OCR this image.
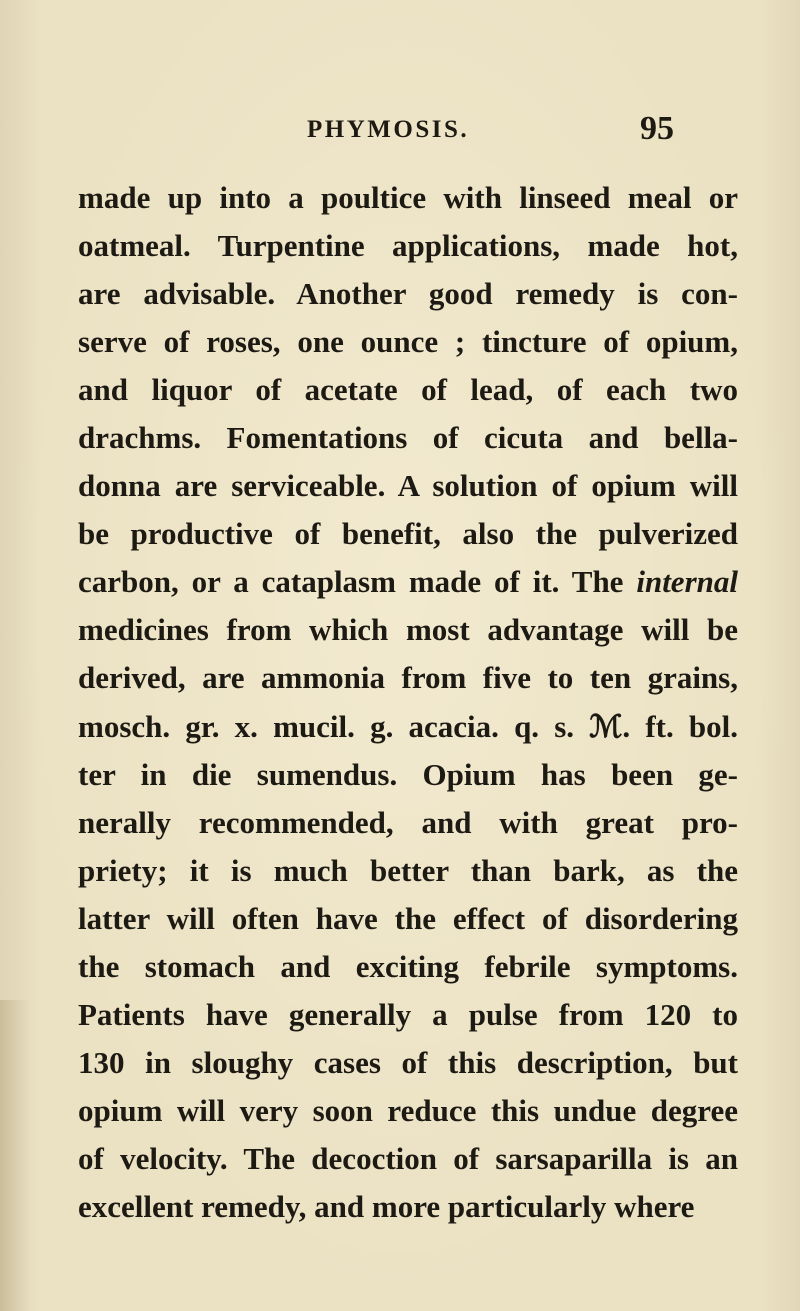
PHYMOSIS.	95
made up into a poultice with linseed meal or
oatmeal. Turpentine applications, made hot,
are advisable. Another good remedy is con-
serve of roses, one ounce ; tincture of opium,
and liquor of acetate of lead, of each two
drachms. Fomentations of cicuta and bella-
donna are serviceable. A solution of opium will
be productive of benefit, also the pulverized
carbon, or a cataplasm made of it. The internal
medicines from which most advantage will be
derived, are ammonia from five to ten grains,
mosch. gr. x. mucil. g. acacia. q. s. ℳ. ft. bol.
ter in die sumendus. Opium has been ge-
nerally recommended, and with great pro-
priety; it is much better than bark, as the
latter will often have the effect of disordering
the stomach and exciting febrile symptoms.
Patients have generally a pulse from 120 to
130 in sloughy cases of this description, but
opium will very soon reduce this undue degree
of velocity. The decoction of sarsaparilla is an
excellent remedy, and more particularly where
